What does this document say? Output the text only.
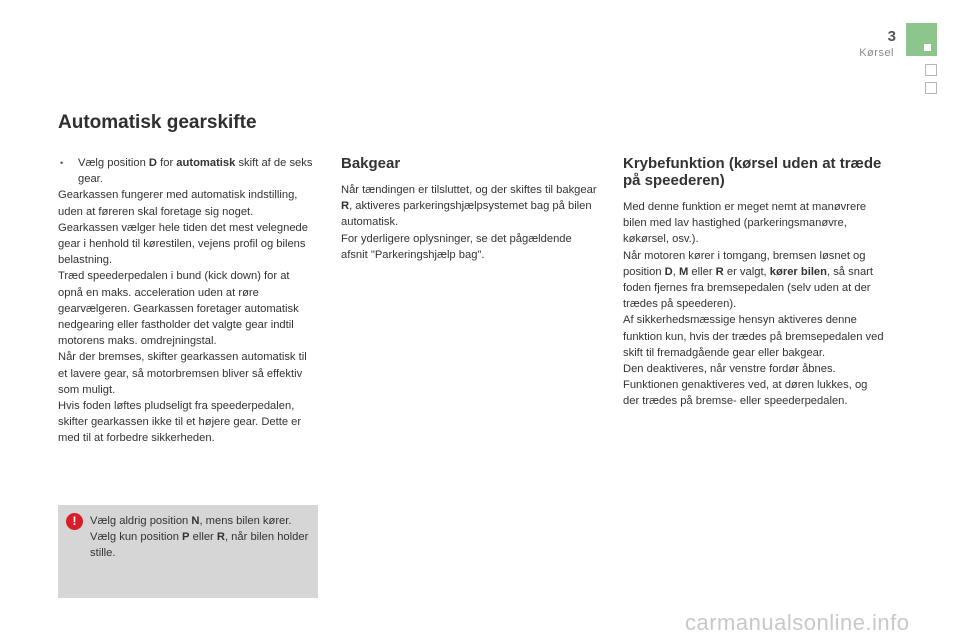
3
Kørsel
Automatisk gearskifte

• Vælg position D for automatisk skift af de seks gear.

Gearkassen fungerer med automatisk indstilling, uden at føreren skal foretage sig noget. Gearkassen vælger hele tiden det mest velegnede gear i henhold til kørestilen, vejens profil og bilens belastning.

Træd speederpedalen i bund (kick down) for at opnå en maks. acceleration uden at røre gearvælgeren. Gearkassen foretager automatisk nedgearing eller fastholder det valgte gear indtil motorens maks. omdrejningstal.

Når der bremses, skifter gearkassen automatisk til et lavere gear, så motorbremsen bliver så effektiv som muligt.

Hvis foden løftes pludseligt fra speederpedalen, skifter gearkassen ikke til et højere gear. Dette er med til at forbedre sikkerheden.

!	Vælg aldrig position N, mens bilen kører.

Vælg kun position P eller R, når bilen holder stille.

Bakgear

Når tændingen er tilsluttet, og der skiftes til bakgear R, aktiveres parkeringshjælpsystemet bag på bilen automatisk.

For yderligere oplysninger, se det pågældende afsnit "Parkeringshjælp bag".

Krybefunktion (kørsel uden at træde på speederen)

Med denne funktion er meget nemt at manøvrere bilen med lav hastighed (parkeringsmanøvre, køkørsel, osv.).

Når motoren kører i tomgang, bremsen løsnet og position D, M eller R er valgt, kører bilen, så snart foden fjernes fra bremsepedalen (selv uden at der trædes på speederen).

Af sikkerhedsmæssige hensyn aktiveres denne funktion kun, hvis der trædes på bremsepedalen ved skift til fremadgående gear eller bakgear.

Den deaktiveres, når venstre fordør åbnes. Funktionen genaktiveres ved, at døren lukkes, og der trædes på bremse- eller speederpedalen.

carmanualsonline.info
